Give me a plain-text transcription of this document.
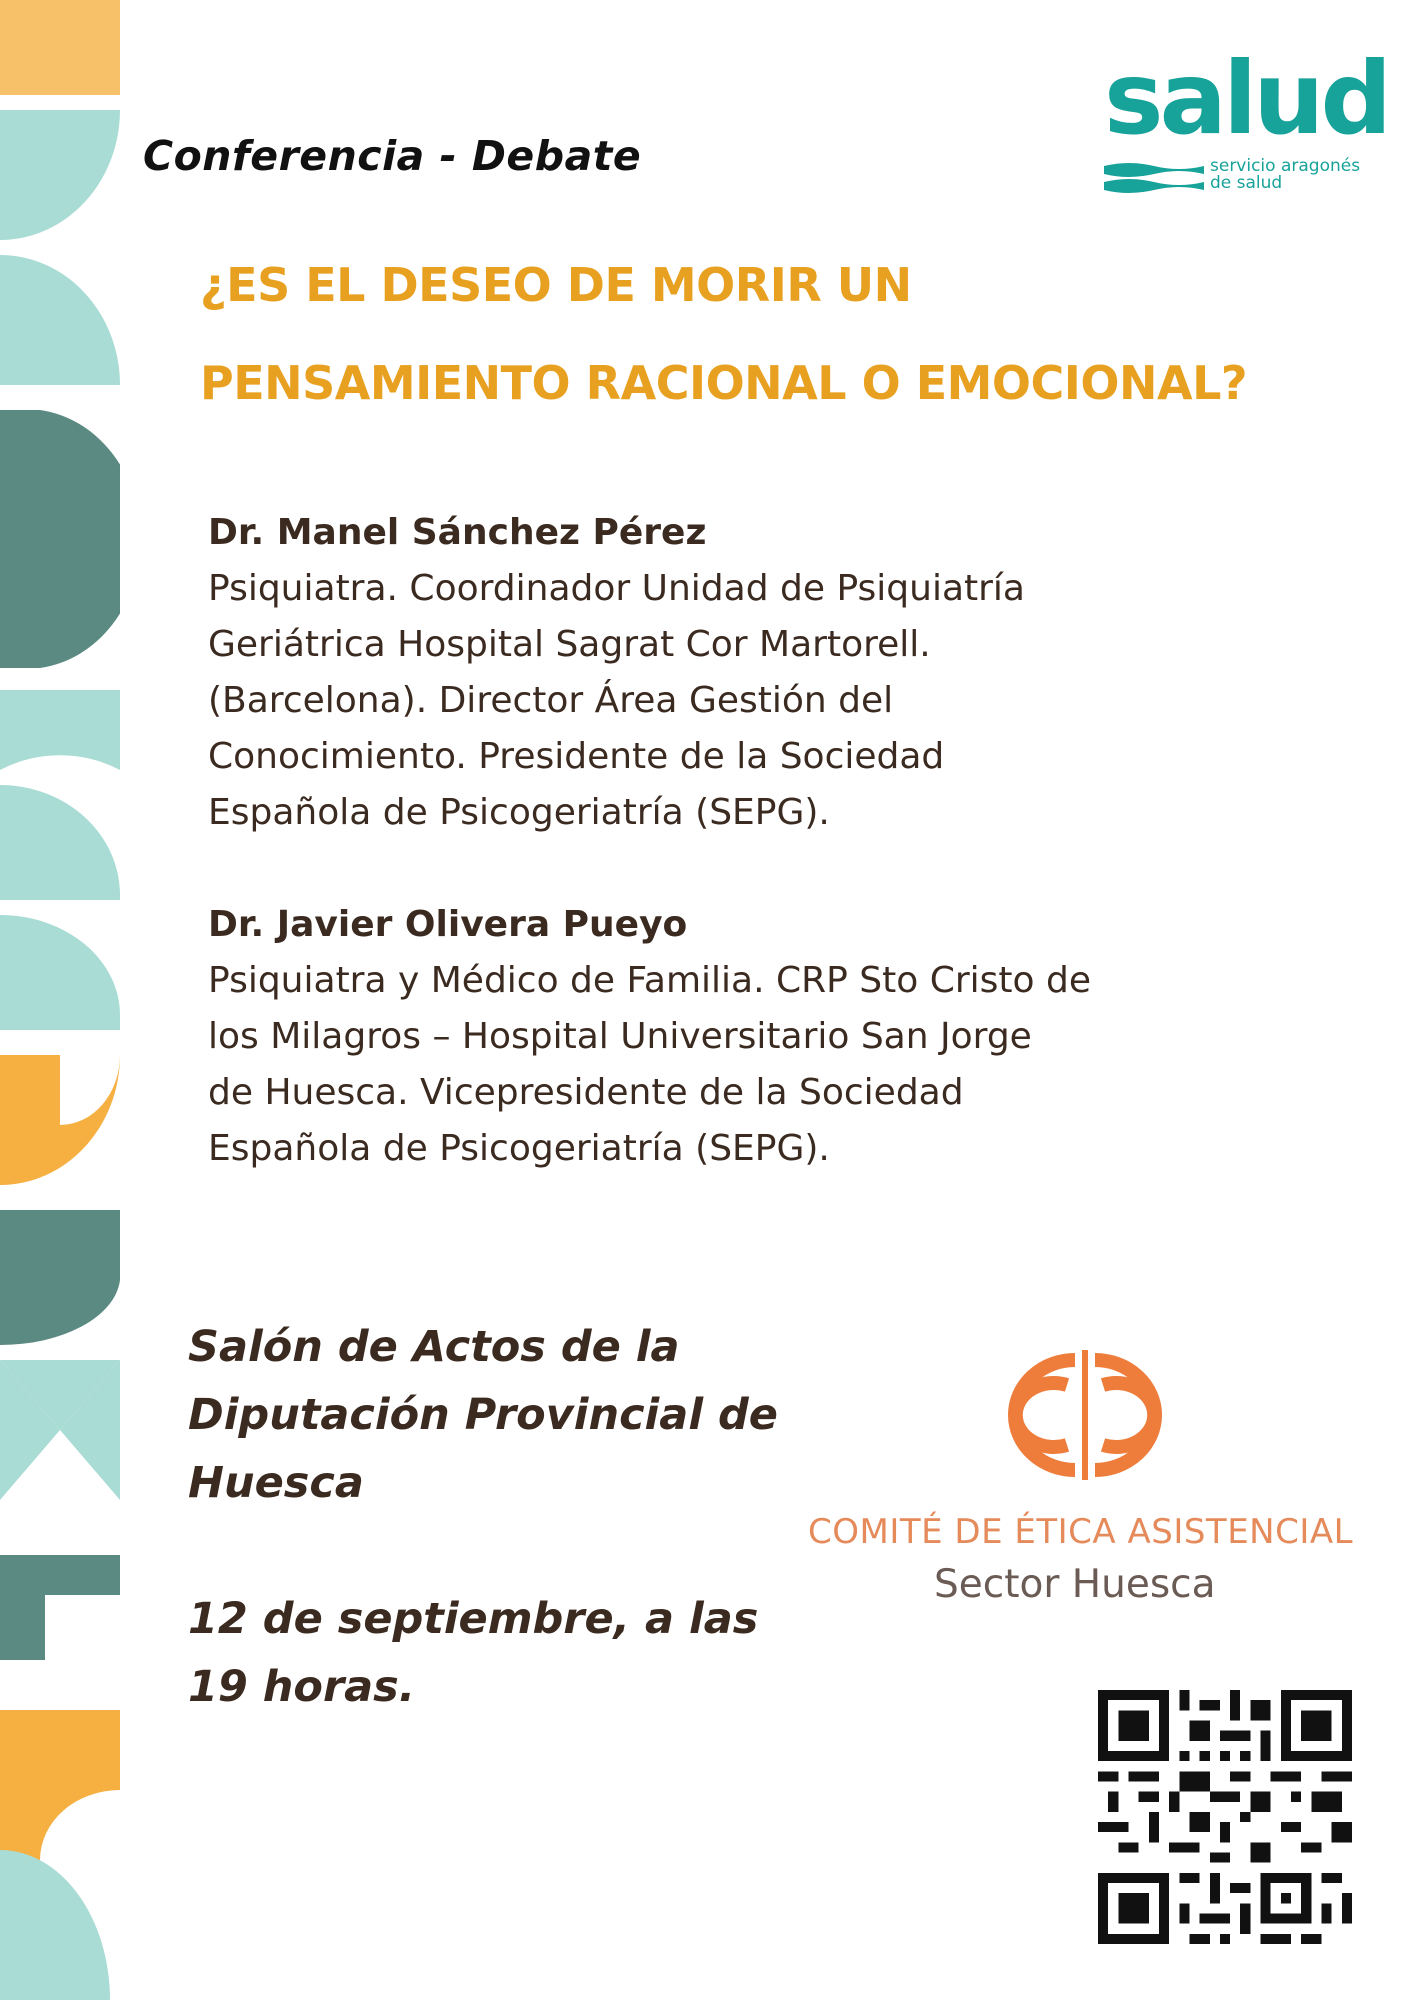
Conferencia - Debate	salud
servicio aragonés
de salud
¿ES EL DESEO DE MORIR UN
PENSAMIENTO RACIONAL O EMOCIONAL?
Dr. Manel Sánchez Pérez
Psiquiatra. Coordinador Unidad de Psiquiatría
Geriátrica Hospital Sagrat Cor Martorell.
(Barcelona). Director Área Gestión del
Conocimiento. Presidente de la Sociedad
Española de Psicogeriatría (SEPG).
Dr. Javier Olivera Pueyo
Psiquiatra y Médico de Familia. CRP Sto Cristo de
los Milagros – Hospital Universitario San Jorge
de Huesca. Vicepresidente de la Sociedad
Española de Psicogeriatría (SEPG).
Salón de Actos de la
Diputación Provincial de
Huesca
12 de septiembre, a las
19 horas.
COMITÉ DE ÉTICA ASISTENCIAL
Sector Huesca
